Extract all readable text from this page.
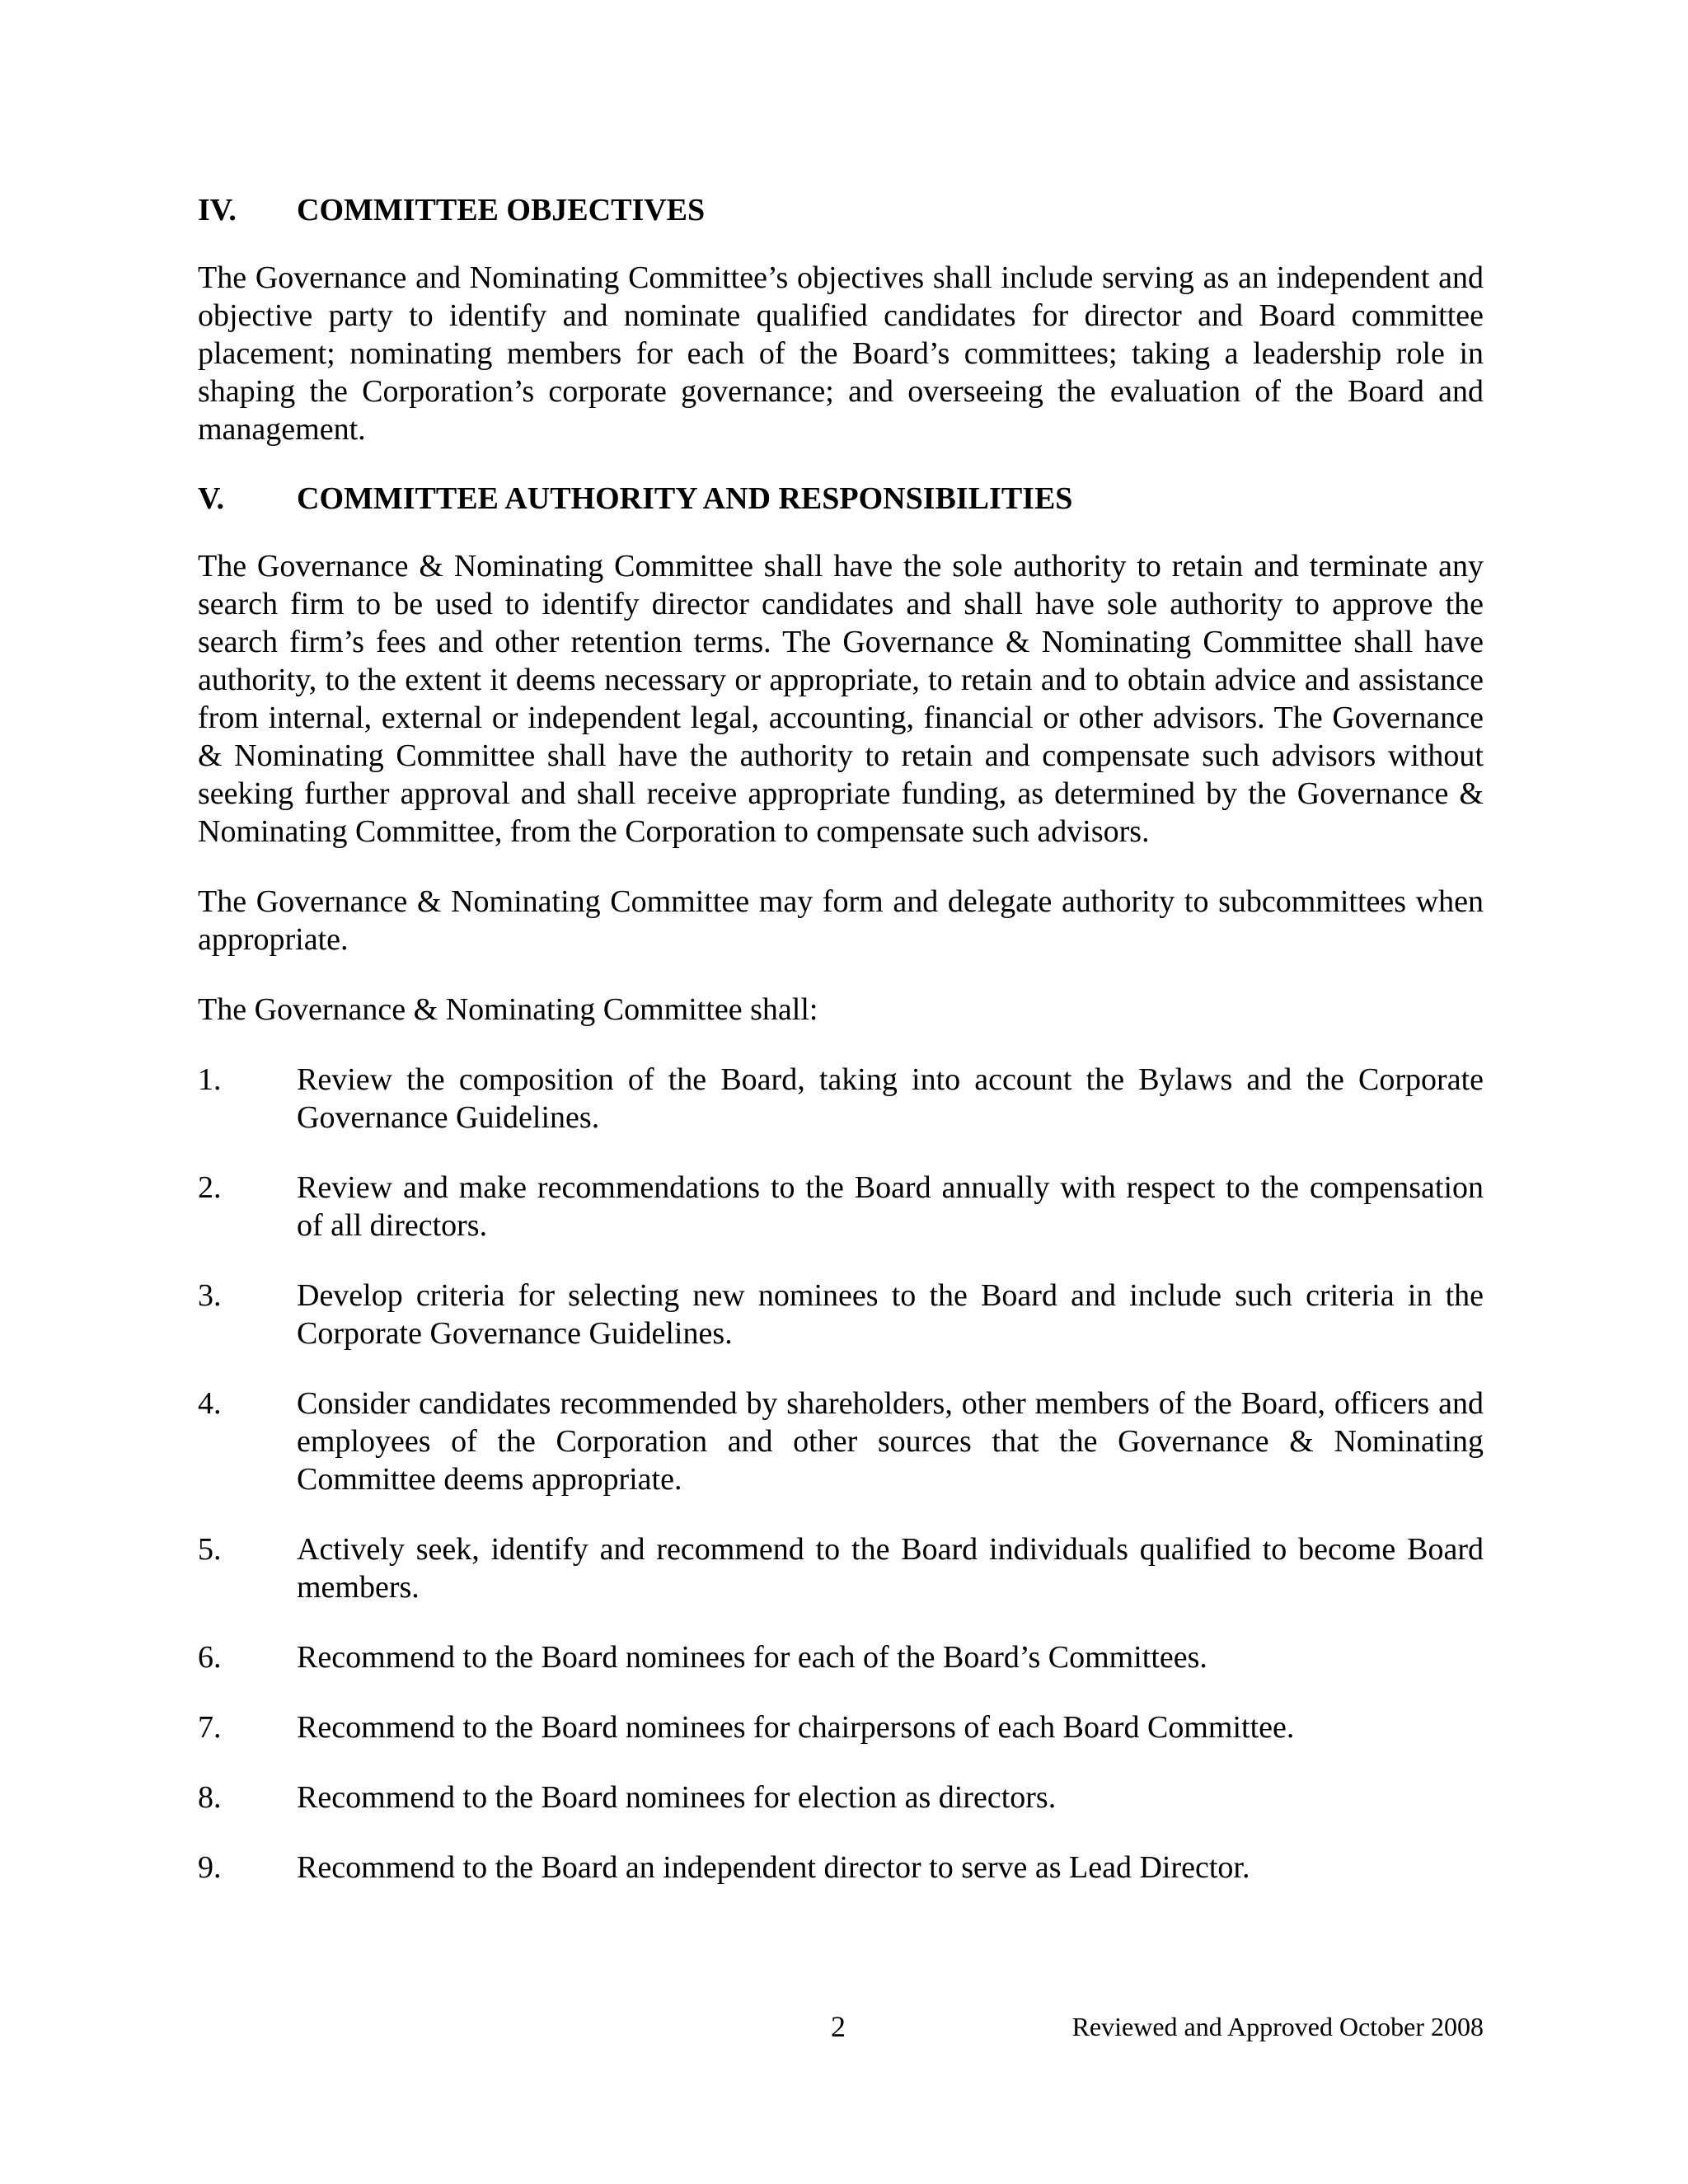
IV.	COMMITTEE OBJECTIVES

The Governance and Nominating Committee’s objectives shall include serving as an independent and objective party to identify and nominate qualified candidates for director and Board committee placement; nominating members for each of the Board’s committees; taking a leadership role in shaping the Corporation’s corporate governance; and overseeing the evaluation of the Board and management.

V.	COMMITTEE AUTHORITY AND RESPONSIBILITIES

The Governance & Nominating Committee shall have the sole authority to retain and terminate any search firm to be used to identify director candidates and shall have sole authority to approve the search firm’s fees and other retention terms. The Governance & Nominating Committee shall have authority, to the extent it deems necessary or appropriate, to retain and to obtain advice and assistance from internal, external or independent legal, accounting, financial or other advisors. The Governance & Nominating Committee shall have the authority to retain and compensate such advisors without seeking further approval and shall receive appropriate funding, as determined by the Governance & Nominating Committee, from the Corporation to compensate such advisors.

The Governance & Nominating Committee may form and delegate authority to subcommittees when appropriate.

The Governance & Nominating Committee shall:

1.	Review the composition of the Board, taking into account the Bylaws and the Corporate Governance Guidelines.
2.	Review and make recommendations to the Board annually with respect to the compensation of all directors.
3.	Develop criteria for selecting new nominees to the Board and include such criteria in the Corporate Governance Guidelines.
4.	Consider candidates recommended by shareholders, other members of the Board, officers and employees of the Corporation and other sources that the Governance & Nominating Committee deems appropriate.
5.	Actively seek, identify and recommend to the Board individuals qualified to become Board members.
6.	Recommend to the Board nominees for each of the Board’s Committees.
7.	Recommend to the Board nominees for chairpersons of each Board Committee.
8.	Recommend to the Board nominees for election as directors.
9.	Recommend to the Board an independent director to serve as Lead Director.
2	Reviewed and Approved October 2008
